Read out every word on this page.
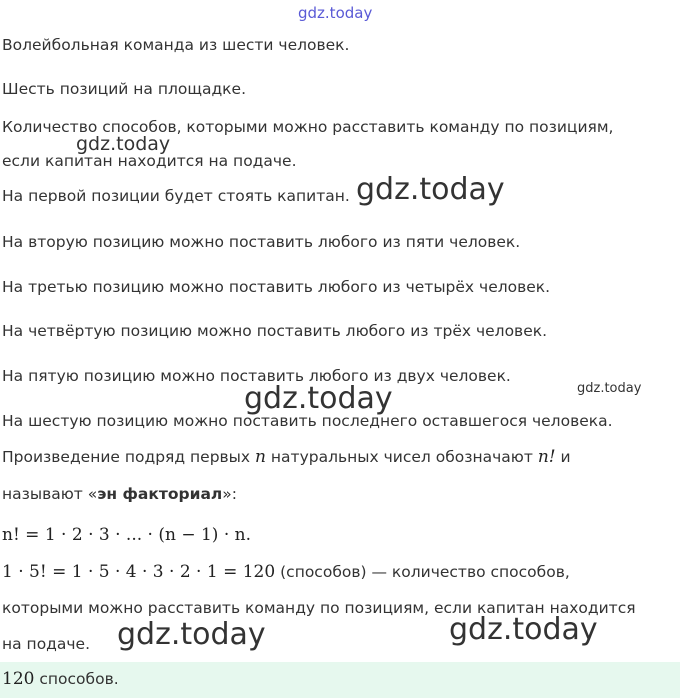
gdz.today
gdz.today
gdz.today
gdz.today
gdz.today
gdz.today	gdz.today
Волейбольная команда из шести человек.
Шесть позиций на площадке.
Количество способов, которыми можно расставить команду по позициям,
если капитан находится на подаче.
На первой позиции будет стоять капитан.
На вторую позицию можно поставить любого из пяти человек.
На третью позицию можно поставить любого из четырёх человек.
На четвёртую позицию можно поставить любого из трёх человек.
На пятую позицию можно поставить любого из двух человек.
На шестую позицию можно поставить последнего оставшегося человека.
Произведение подряд первых n натуральных чисел обозначают n! и
называют «эн факториал»:
n! = 1 · 2 · 3 · ... · (n − 1) · n.
1 · 5! = 1 · 5 · 4 · 3 · 2 · 1 = 120 (способов) — количество способов,
которыми можно расставить команду по позициям, если капитан находится
на подаче.
120 способов.
